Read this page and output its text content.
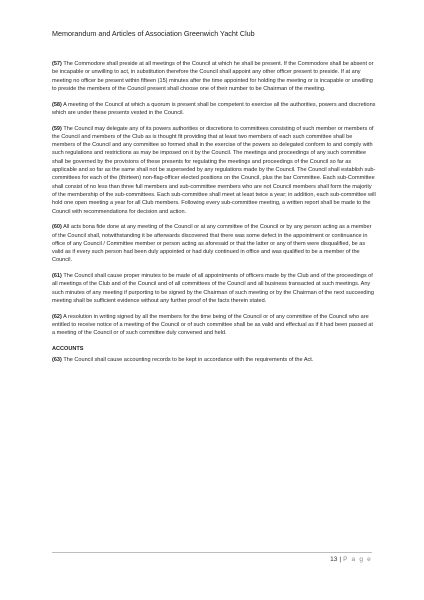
Memorandum and Articles of Association Greenwich Yacht Club

(57) The Commodore shall preside at all meetings of the Council at which he shall be present. If the Commodore shall be absent or be incapable or unwilling to act, in substitution therefore the Council shall appoint any other officer present to preside. If at any meeting no officer be present within fifteen (15) minutes after the time appointed for holding the meeting or is incapable or unwilling to preside the members of the Council present shall choose one of their number to be Chairman of the meeting.

(58) A meeting of the Council at which a quorum is present shall be competent to exercise all the authorities, powers and discretions which are under these presents vested in the Council.

(59) The Council may delegate any of its powers authorities or discretions to committees consisting of such member or members of the Council and members of the Club as is thought fit providing that at least two members of each such committee shall be members of the Council and any committee so formed shall in the exercise of the powers so delegated conform to and comply with such regulations and restrictions as may be imposed on it by the Council. The meetings and proceedings of any such committee shall be governed by the provisions of these presents for regulating the meetings and proceedings of the Council so far as applicable and so far as the same shall not be superseded by any regulations made by the Council. The Council shall establish sub-committees for each of the (thirteen) non-flag-officer elected positions on the Council, plus the bar Committee. Each sub-Committee shall consist of no less than three full members and sub-committee members who are not Council members shall form the majority of the membership of the sub-committees. Each sub-committee shall meet at least twice a year; in addition, each sub-committee will hold one open meeting a year for all Club members. Following every sub-committee meeting, a written report shall be made to the Council with recommendations for decision and action.

(60) All acts bona fide done at any meeting of the Council or at any committee of the Council or by any person acting as a member of the Council shall, notwithstanding it be afterwards discovered that there was some defect in the appointment or continuance in office of any Council / Committee member or person acting as aforesaid or that the latter or any of them were disqualified, be as valid as if every such person had been duly appointed or had duly continued in office and was qualified to be a member of the Council.

(61) The Council shall cause proper minutes to be made of all appointments of officers made by the Club and of the proceedings of all meetings of the Club and of the Council and of all committees of the Council and all business transacted at such meetings. Any such minutes of any meeting if purporting to be signed by the Chairman of such meeting or by the Chairman of the next succeeding meeting shall be sufficient evidence without any further proof of the facts therein stated.

(62) A resolution in writing signed by all the members for the time being of the Council or of any committee of the Council who are entitled to receive notice of a meeting of the Council or of such committee shall be as valid and effectual as if it had been passed at a meeting of the Council or of such committee duly convened and held.

ACCOUNTS

(63) The Council shall cause accounting records to be kept in accordance with the requirements of the Act.

13 | P a g e
